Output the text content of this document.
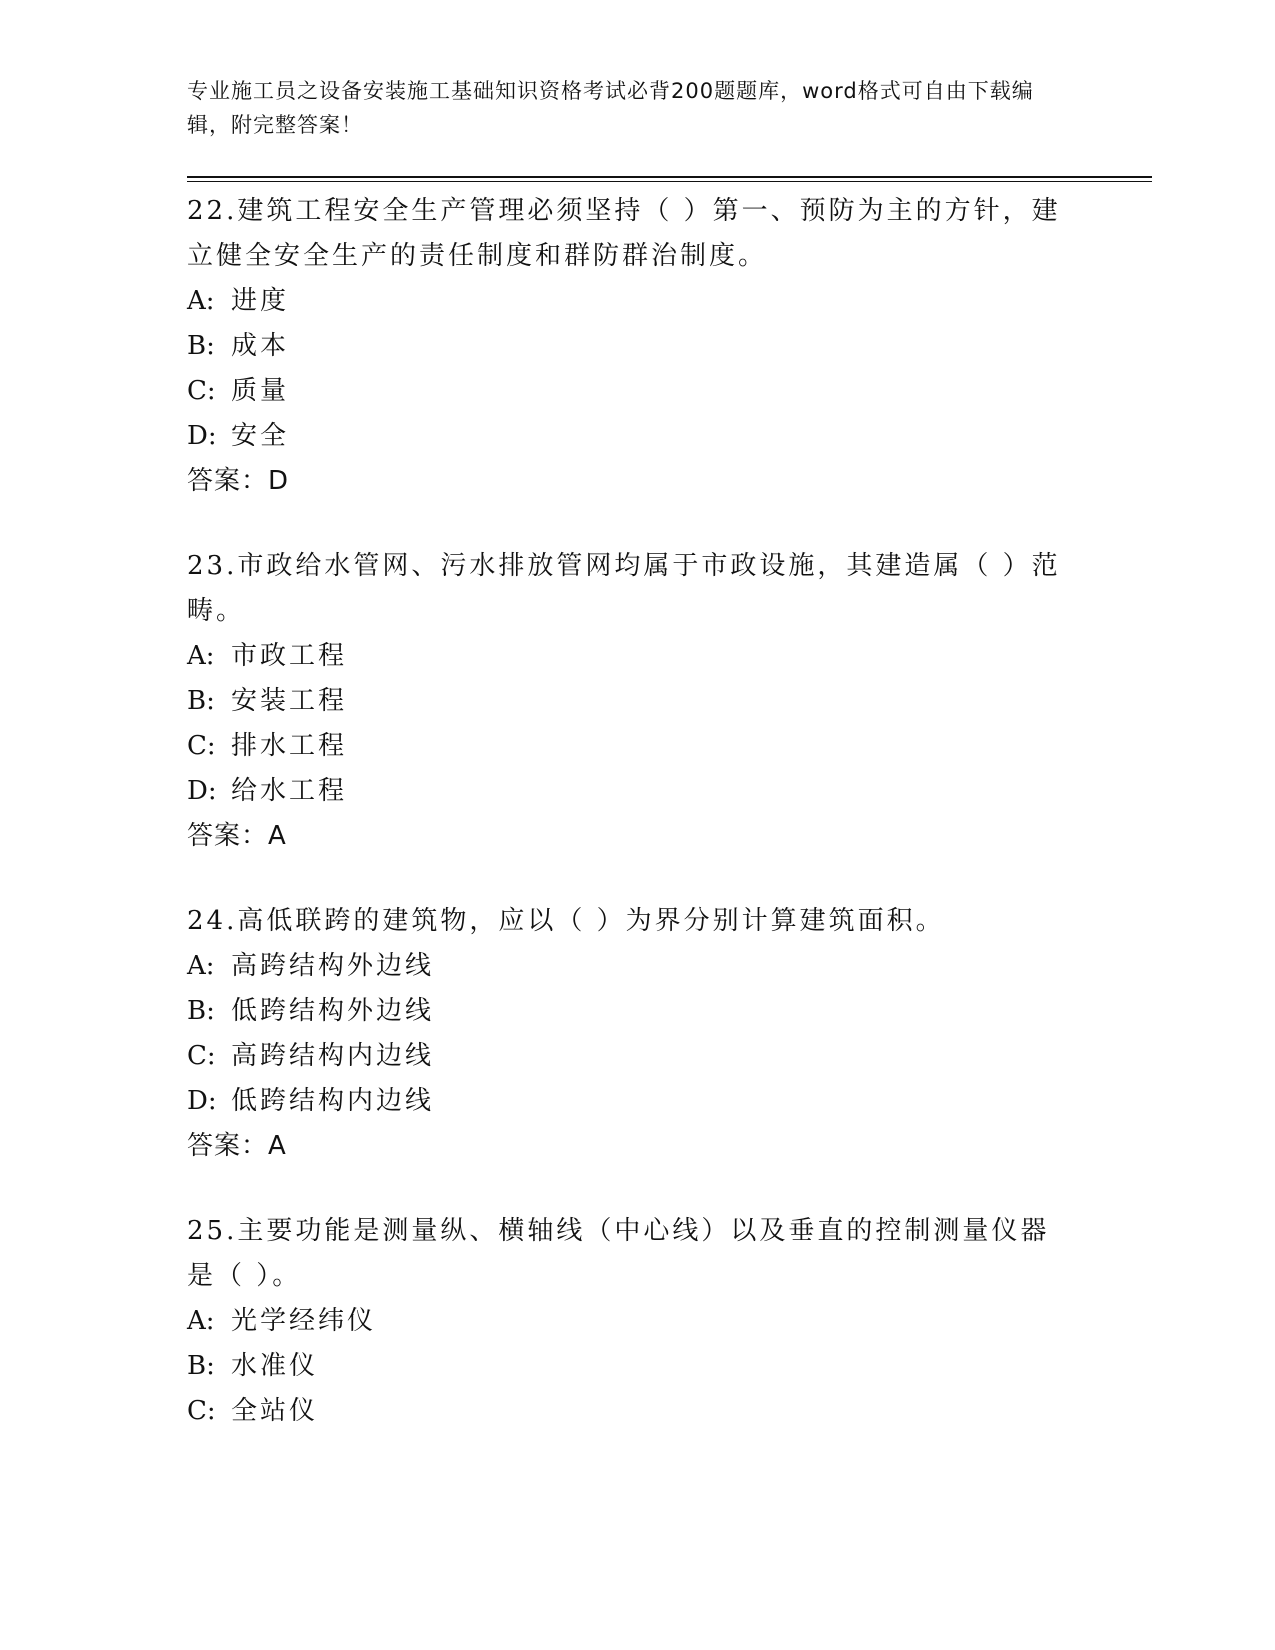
专业施工员之设备安装施工基础知识资格考试必背200题题库，word格式可自由下载编辑，附完整答案！
22.建筑工程安全生产管理必须坚持（ ）第一、预防为主的方针，建立健全安全生产的责任制度和群防群治制度。
A: 进度
B: 成本
C: 质量
D: 安全
答案：D
23.市政给水管网、污水排放管网均属于市政设施，其建造属（ ）范畴。
A: 市政工程
B: 安装工程
C: 排水工程
D: 给水工程
答案：A
24.高低联跨的建筑物，应以（ ）为界分别计算建筑面积。
A: 高跨结构外边线
B: 低跨结构外边线
C: 高跨结构内边线
D: 低跨结构内边线
答案：A
25.主要功能是测量纵、横轴线（中心线）以及垂直的控制测量仪器是（ ）。
A: 光学经纬仪
B: 水准仪
C: 全站仪
